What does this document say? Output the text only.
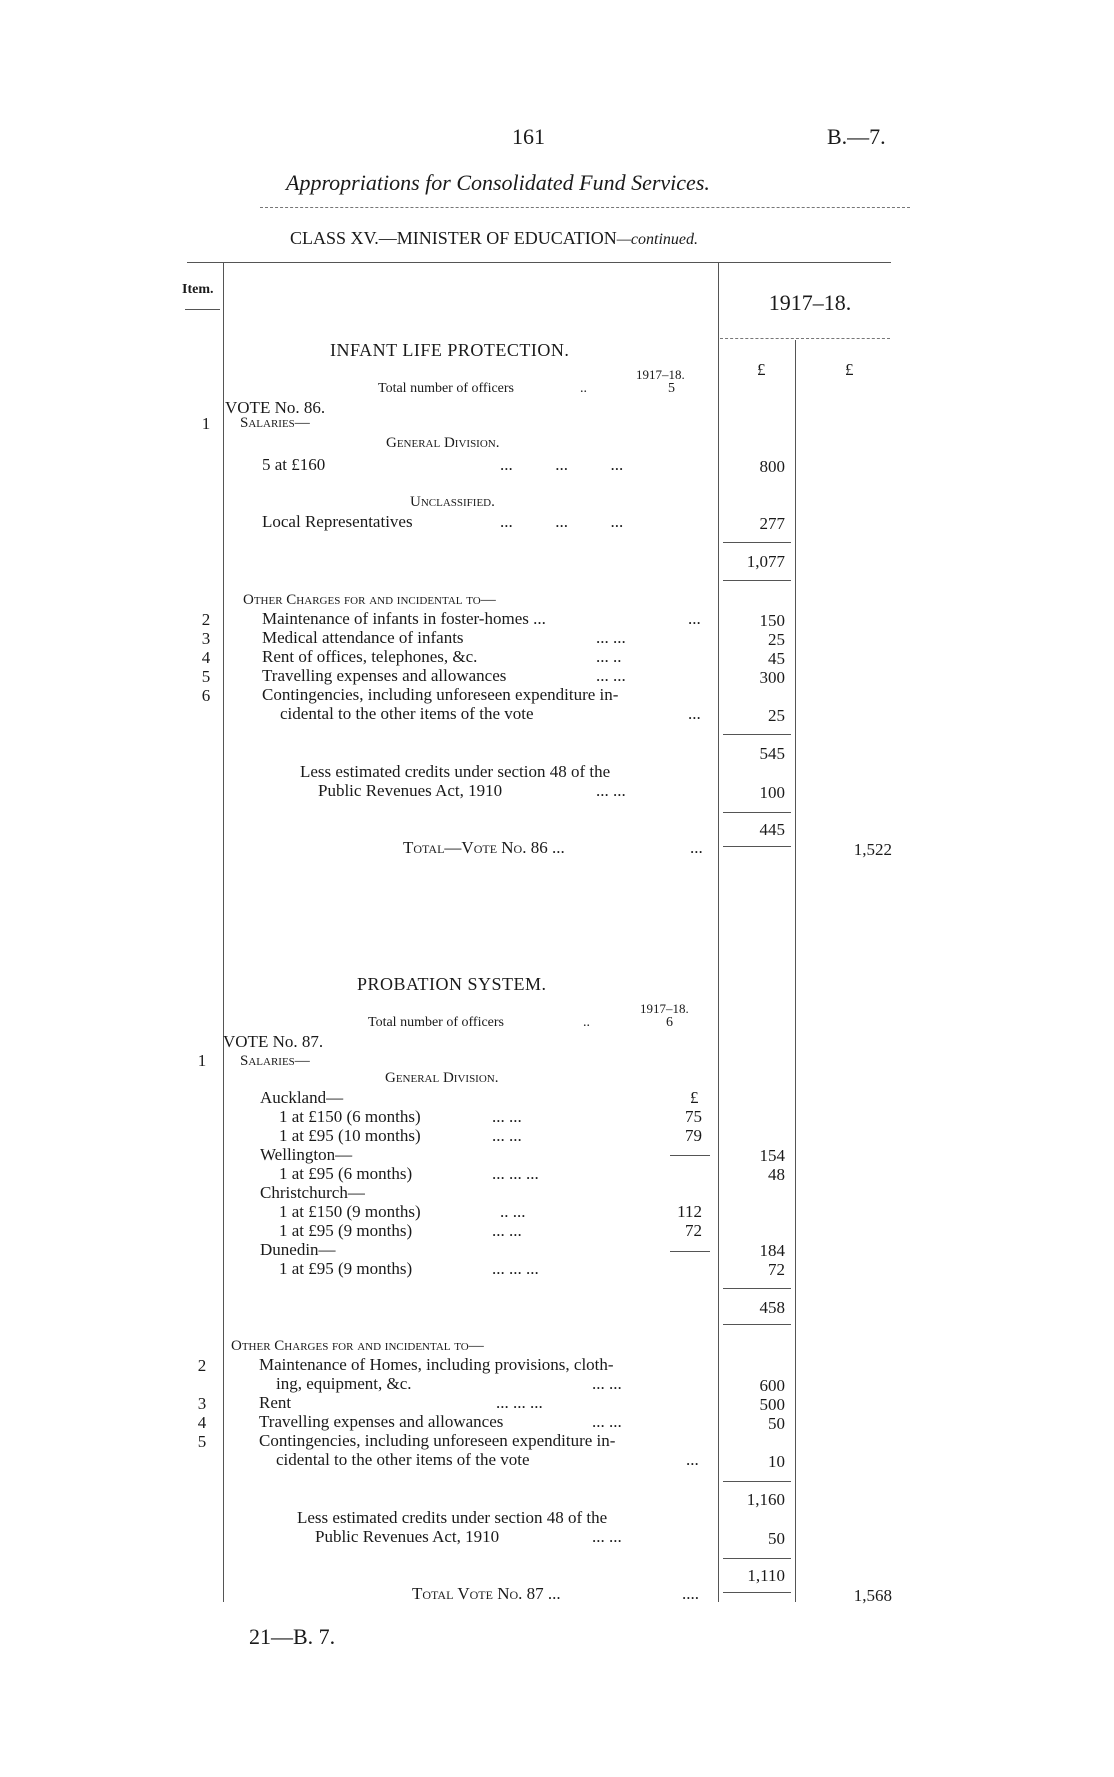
161	B.—7.
Appropriations for Consolidated Fund Services.
CLASS XV.—MINISTER OF EDUCATION—continued.
Item.
1917–18.
£	£
INFANT LIFE PROTECTION.
1917–18.
Total number of officers	..	5
VOTE No. 86.
1	Salaries—
General Division.
5 at £160	...          ...          ...	800
Unclassified.
Local Representatives	...          ...          ...	277
1,077
Other Charges for and incidental to—
2	Maintenance of infants in foster-homes ...	...	150
3	Medical attendance of infants	... ...	25
4	Rent of offices, telephones, &c.	... ..	45
5	Travelling expenses and allowances	... ...	300
6	Contingencies, including unforeseen expenditure in-
cidental to the other items of the vote	...	25
545
Less estimated credits under section 48 of the
Public Revenues Act, 1910	... ...	100
445
Total—Vote No. 86 ...	...	1,522
PROBATION SYSTEM.
1917–18.
Total number of officers	..	6
VOTE No. 87.
1	Salaries—
General Division.
£
Auckland—
1 at £150 (6 months)	... ...	75
1 at £95 (10 months)	... ...	79
154
Wellington—
1 at £95 (6 months)	... ... ...	48
Christchurch—
1 at £150 (9 months)	.. ...	112
1 at £95 (9 months)	... ...	72
184
Dunedin—
1 at £95 (9 months)	... ... ...	72
458
Other Charges for and incidental to—
2	Maintenance of Homes, including provisions, cloth-
ing, equipment, &c.	... ...	600
3	Rent	... ... ...	500
4	Travelling expenses and allowances	... ...	50
5	Contingencies, including unforeseen expenditure in-
cidental to the other items of the vote	...	10
1,160
Less estimated credits under section 48 of the
Public Revenues Act, 1910	... ...	50
1,110
Total Vote No. 87 ...	....	1,568
21—B. 7.
